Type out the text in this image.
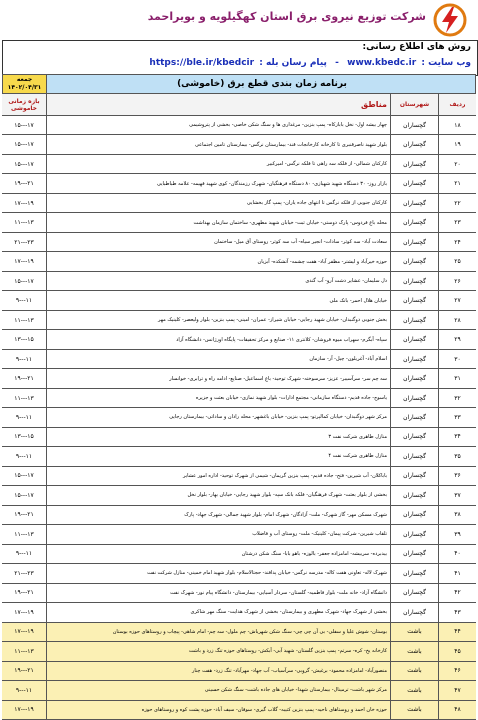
شرکت توزیع نیروی برق استان کهگیلویه و بویراحمد
روش های اطلاع رسانی:
وب سایت : www.kbedc.ir  -  پیام رسان بله : https://ble.ir/kbedcir
جمعه
۱۴۰۲/۰۴/۳۱	برنامه زمان بندی قطع برق (خاموشی)
بازه زمانی خاموشی	مناطق	شهرستان	ردیف
۱۵---۱۷	چهار بیشه اول- نخل بابازکاه- پمپ بنزین- مرغداری ها و سنگ شکن خاصی- بخشی از پتروشیمی	گچساران	۱۸
۱۵---۱۷	بلوار شهید ناصرقنبری تا کارخانه کارخانجات قند- بیمارستان نرگس- بیمارستان تامین اجتماعی	گچساران	۱۹
۱۵---۱۷	کارکنان شمالی- از فلکه سه راهی تا فلکه نرگس- امیرکبیر	گچساران	۲۰
۱۹---۲۱	بازار روز- ۳۰ دستگاه شهید شهبازی- ۸۰ دستگاه فرهنگیان- شهرک رزمندگان- کوی شهید فهیمه- علامه طباطبایی	گچساران	۲۱
۱۷---۱۹	کارکنان جنوبی از فلکه نرگس تا انتهای جاده یاران- پمپ گاز بخشایی	گچساران	۲۲
۱۱---۱۳	محله باغ فردوس- پارک دوستی- خیابان ثبت- خیابان شهید مطهری- ساختمان سازمان بهداشت	گچساران	۲۳
۲۱---۲۳	سعادت آباد- سه کوثر- سادات- انجیر سیاه- آب سه کوثر- روستای آق میل- ساختمان	گچساران	۲۴
۱۷---۱۹	حوزه خیرآباد و لیشتر- مظفر آباد- هفت چشمه- آتشکده- آبزیان	گچساران	۲۵
۱۵---۱۷	دل سلیمان- عشایر دشت آرو- آب گندی	گچساران	۲۶
۹---۱۱	خیابان هلال احمر- بانک ملی	گچساران	۲۷
۱۱---۱۳	بخش جنوبی دوگنبدان- خیابان شهید رجایی- خیابان شیراز- عمران- امینی- پمپ بنزین- بلوار ولیعصر- کلینیک مهر	گچساران	۲۸
۱۳---۱۵	سپاه- آبگرم- سهراب میوه فروشان- کلانتری ۱۱- صنایع و مرکز تحقیقات- پایگاه اورژانس- دانشگاه آزاد	گچساران	۲۹
۹---۱۱	اسلام آباد- آغریلون- چیل- آر- سازمان	گچساران	۳۰
۱۹---۲۱	سه چم سر- سرآسیبر- عزیز- سرسوخته- شهرک توحید- باغ اسماعیل- صنایع- ادامه راه و ترابری- خوانسار	گچساران	۳۱
۱۱---۱۳	یاسوج- جاده قدیم- دستگاه سازمانی- مجتمع ادارات- بلوار شهید نمازی- خیابان بعثت و جزیره	گچساران	۳۲
۹---۱۱	مرکز شهر دوگنبدان- خیابان کمالپرتو- پمپ بنزین- خیابان باغشهر- محله رادان و ساداتی- بیمارستان رجایی	گچساران	۳۳
۱۳---۱۵	منازل طاهری شرکت نفت ۳	گچساران	۳۴
۹---۱۱	منازل طاهری شرکت نفت ۴	گچساران	۳۵
۱۵---۱۷	باباکلان- آب شیرین- فتح- جاده قدیم- پمپ بنزین گریمان- شیمی از شهرک توحید- اداره امور عشایر	گچساران	۳۶
۱۵---۱۷	بخشی از بلوار بعثت- شهرک فرهنگیان- فلکه بانک سپه- بلوار شهید رجایی- خیابان بهار- بلوار نخل	گچساران	۳۷
۱۹---۲۱	شهرک مسکن مهر- گاز شهرک- ملت- آزادگان- شهرک امام- بلوار شهید جمالی- شهرک جهاد- پارک	گچساران	۳۸
۱۱---۱۳	تلقاب شیرین- شرکت پیمان- کلینیک- ملت- روستای آب و فاضلاب	گچساران	۳۹
۹---۱۱	بیدبرده- سربیشه- امامزاده جعفر- بالوزه- باهو بابا- سنگ شکن درشتان	گچساران	۴۰
۲۱---۲۳	شهرک لاله- تعاونی هفت کاله- مدرسه نرگس- خیابان پدافند- حجتالاسلام- بلوار شهید امام خمینی- منازل شرکت نفت	گچساران	۴۱
۱۹---۲۱	دانشگاه آزاد- خانه ملت- بلوار فاطمیه- گلستان- سردار آسیایی- بیمارستان- دانشگاه پیام نور- شهرک نفت	گچساران	۴۲
۱۷---۱۹	بخشی از شهرک جهاد- شهرک مطهری و بیمارستان- بخشی از شهرک هدایت- سنگ مهر شاکری	گچساران	۴۳
۱۷---۱۹	بوستان- شوش علیا و سفلی- بی آن چی چی- سنگ شکن شهرباش- چم ملول- سه چم- امام شاهی- پیچاب و روستاهای حوزه بوستان	باشت	۴۴
۱۱---۱۳	کارخانه یخ- کره- سرتم- پمپ بنزین گلستان- شهید آبی- آبکش- روستاهای حوزه تنگ زرد و باشت	باشت	۴۵
۱۹---۲۱	منصورآباد- امامزاده محمود- برغیش- گروبی- سرآسیاب- آب جهاد- مهرآباد- تنگ زرد- هفت چنار	باشت	۴۶
۹---۱۱	مرکز شهر باشت- ترمینال- بیمارستان شهدا- خیابان های جاده باشت- سنگ شکن حسینی	باشت	۴۷
۱۷---۱۹	حوزه خان احمد و روستاهای ناحیه- پمپ بنزین کتیبه- گلاب گیری- سوفان- سیف آباد- حوزه پشت کوه و روستاهای حوزه	باشت	۴۸
